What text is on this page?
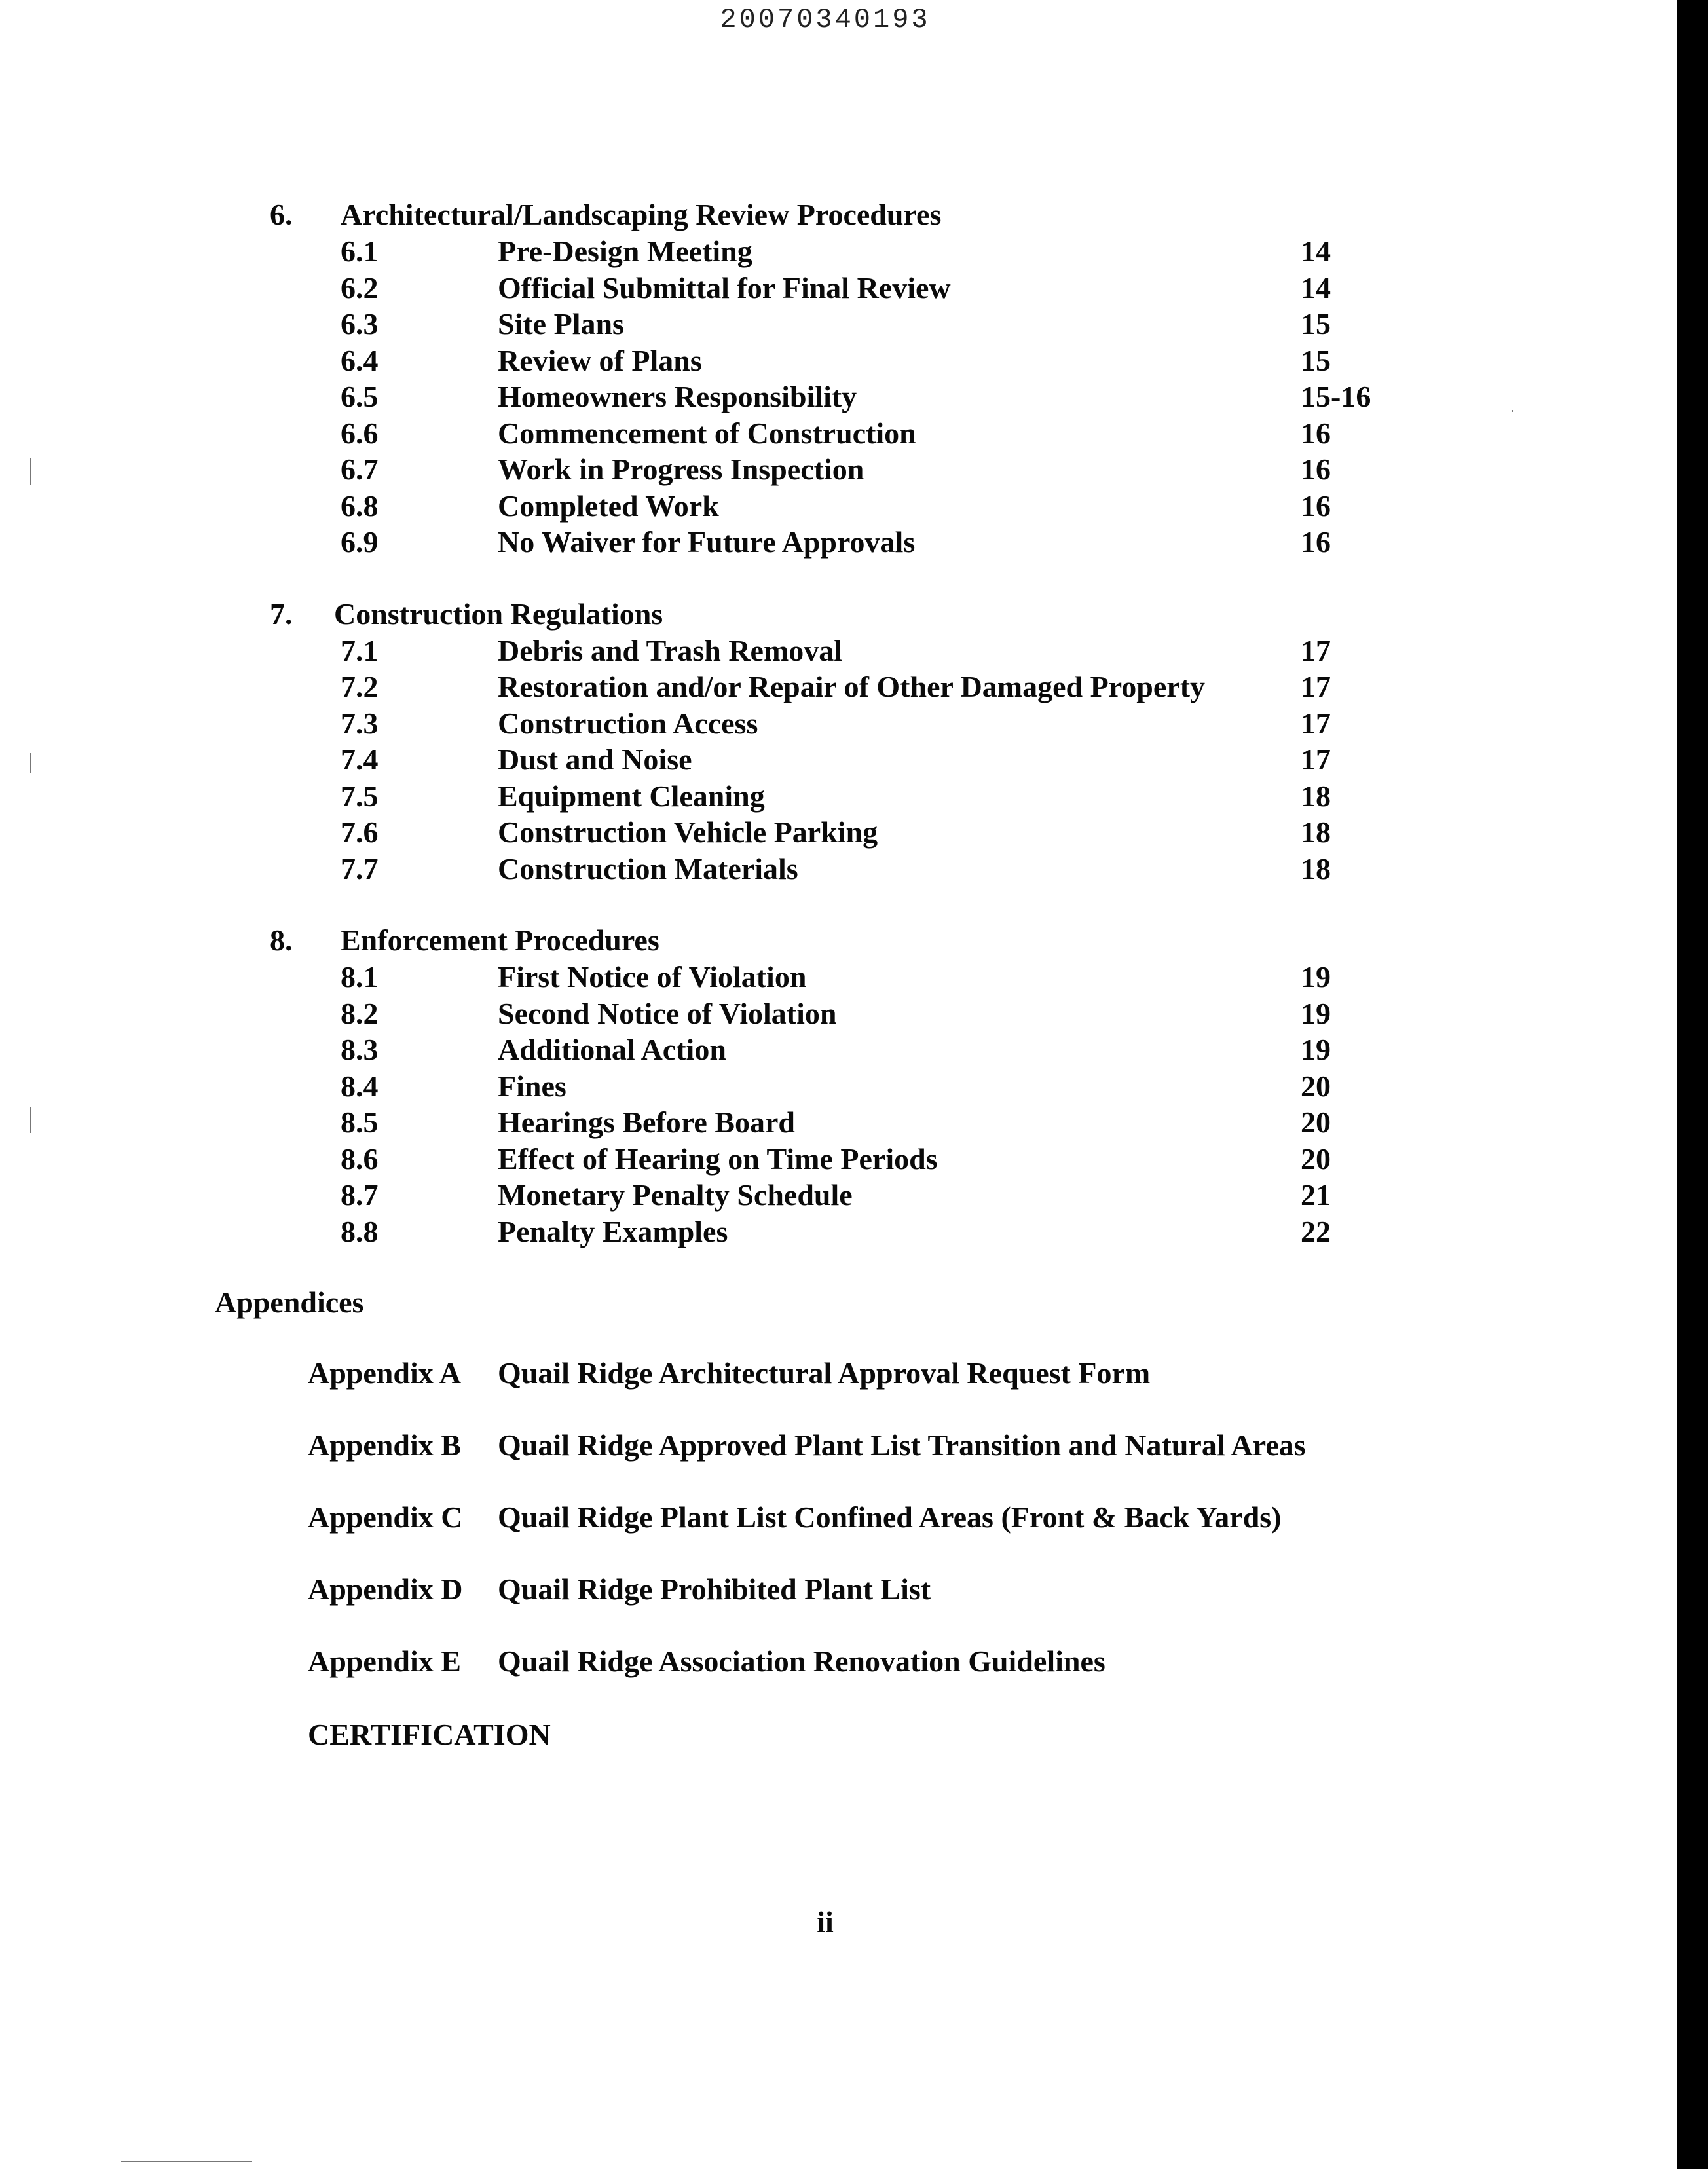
20070340193
6. Architectural/Landscaping Review Procedures
6.1	Pre-Design Meeting	14
6.2	Official Submittal for Final Review	14
6.3	Site Plans	15
6.4	Review of Plans	15
6.5	Homeowners Responsibility	15-16
6.6	Commencement of Construction	16
6.7	Work in Progress Inspection	16
6.8	Completed Work	16
6.9	No Waiver for Future Approvals	16
7. Construction Regulations
7.1	Debris and Trash Removal	17
7.2	Restoration and/or Repair of Other Damaged Property	17
7.3	Construction Access	17
7.4	Dust and Noise	17
7.5	Equipment Cleaning	18
7.6	Construction Vehicle Parking	18
7.7	Construction Materials	18
8. Enforcement Procedures
8.1	First Notice of Violation	19
8.2	Second Notice of Violation	19
8.3	Additional Action	19
8.4	Fines	20
8.5	Hearings Before Board	20
8.6	Effect of Hearing on Time Periods	20
8.7	Monetary Penalty Schedule	21
8.8	Penalty Examples	22
Appendices
Appendix A Quail Ridge Architectural Approval Request Form
Appendix B Quail Ridge Approved Plant List Transition and Natural Areas
Appendix C Quail Ridge Plant List Confined Areas (Front & Back Yards)
Appendix D Quail Ridge Prohibited Plant List
Appendix E Quail Ridge Association Renovation Guidelines
CERTIFICATION
ii
